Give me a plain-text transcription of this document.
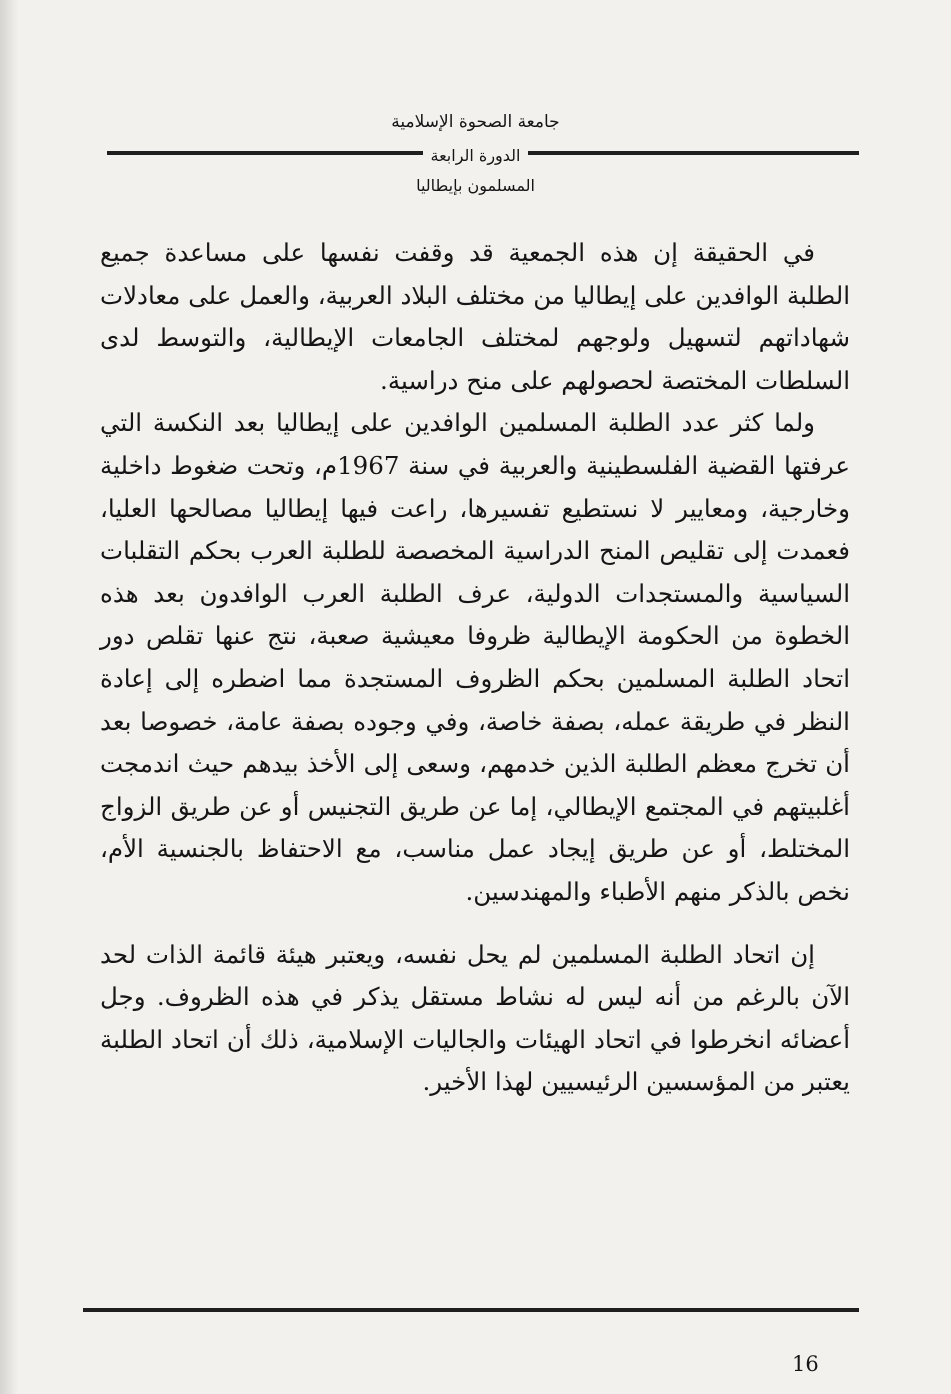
جامعة الصحوة الإسلامية
الدورة الرابعة
المسلمون بإيطاليا

في الحقيقة إن هذه الجمعية قد وقفت نفسها على مساعدة جميع الطلبة الوافدين على إيطاليا من مختلف البلاد العربية، والعمل على معادلات شهاداتهم لتسهيل ولوجهم لمختلف الجامعات الإيطالية، والتوسط لدى السلطات المختصة لحصولهم على منح دراسية.

ولما كثر عدد الطلبة المسلمين الوافدين على إيطاليا بعد النكسة التي عرفتها القضية الفلسطينية والعربية في سنة 1967م، وتحت ضغوط داخلية وخارجية، ومعايير لا نستطيع تفسيرها، راعت فيها إيطاليا مصالحها العليا، فعمدت إلى تقليص المنح الدراسية المخصصة للطلبة العرب بحكم التقلبات السياسية والمستجدات الدولية، عرف الطلبة العرب الوافدون بعد هذه الخطوة من الحكومة الإيطالية ظروفا معيشية صعبة، نتج عنها تقلص دور اتحاد الطلبة المسلمين بحكم الظروف المستجدة مما اضطره إلى إعادة النظر في طريقة عمله، بصفة خاصة، وفي وجوده بصفة عامة، خصوصا بعد أن تخرج معظم الطلبة الذين خدمهم، وسعى إلى الأخذ بيدهم حيث اندمجت أغلبيتهم في المجتمع الإيطالي، إما عن طريق التجنيس أو عن طريق الزواج المختلط، أو عن طريق إيجاد عمل مناسب، مع الاحتفاظ بالجنسية الأم، نخص بالذكر منهم الأطباء والمهندسين.

إن اتحاد الطلبة المسلمين لم يحل نفسه، ويعتبر هيئة قائمة الذات لحد الآن بالرغم من أنه ليس له نشاط مستقل يذكر في هذه الظروف. وجل أعضائه انخرطوا في اتحاد الهيئات والجاليات الإسلامية، ذلك أن اتحاد الطلبة يعتبر من المؤسسين الرئيسيين لهذا الأخير.

16
